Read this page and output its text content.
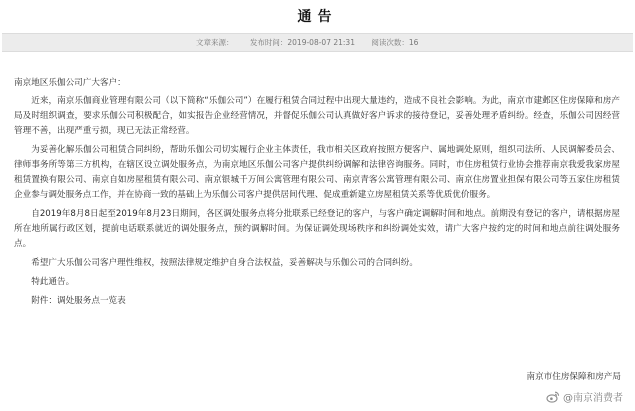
通告
文章来源： 发布时间：2019-08-07 21:31 阅读次数：16

南京地区乐伽公司广大客户：

近来，南京乐伽商业管理有限公司（以下简称“乐伽公司”）在履行租赁合同过程中出现大量违约，造成不良社会影响。为此，南京市建邺区住房保障和房产局及时组织调查，要求乐伽公司积极配合，如实报告企业经营情况，并督促乐伽公司认真做好客户诉求的接待登记，妥善处理矛盾纠纷。经查，乐伽公司因经营管理不善，出现严重亏损，现已无法正常经营。

为妥善化解乐伽公司租赁合同纠纷，帮助乐伽公司切实履行企业主体责任，我市相关区政府按照方便客户、属地调处原则，组织司法所、人民调解委员会、律师事务所等第三方机构，在辖区设立调处服务点，为南京地区乐伽公司客户提供纠纷调解和法律咨询服务。同时，市住房租赁行业协会推荐南京我爱我家房屋租赁置换有限公司、南京自如房屋租赁有限公司、南京银城千万间公寓管理有限公司、南京青客公寓管理有限公司、南京住房置业担保有限公司等五家住房租赁企业参与调处服务点工作，并在协商一致的基础上为乐伽公司客户提供居间代理、促成重新建立房屋租赁关系等优质优价服务。

自2019年8月8日起至2019年8月23日期间，各区调处服务点将分批联系已经登记的客户，与客户确定调解时间和地点。前期没有登记的客户，请根据房屋所在地所属行政区划，提前电话联系就近的调处服务点，预约调解时间。为保证调处现场秩序和纠纷调处实效，请广大客户按约定的时间和地点前往调处服务点。

希望广大乐伽公司客户理性维权，按照法律规定维护自身合法权益，妥善解决与乐伽公司的合同纠纷。

特此通告。

附件：调处服务点一览表

南京市住房保障和房产局
@南京消费者
